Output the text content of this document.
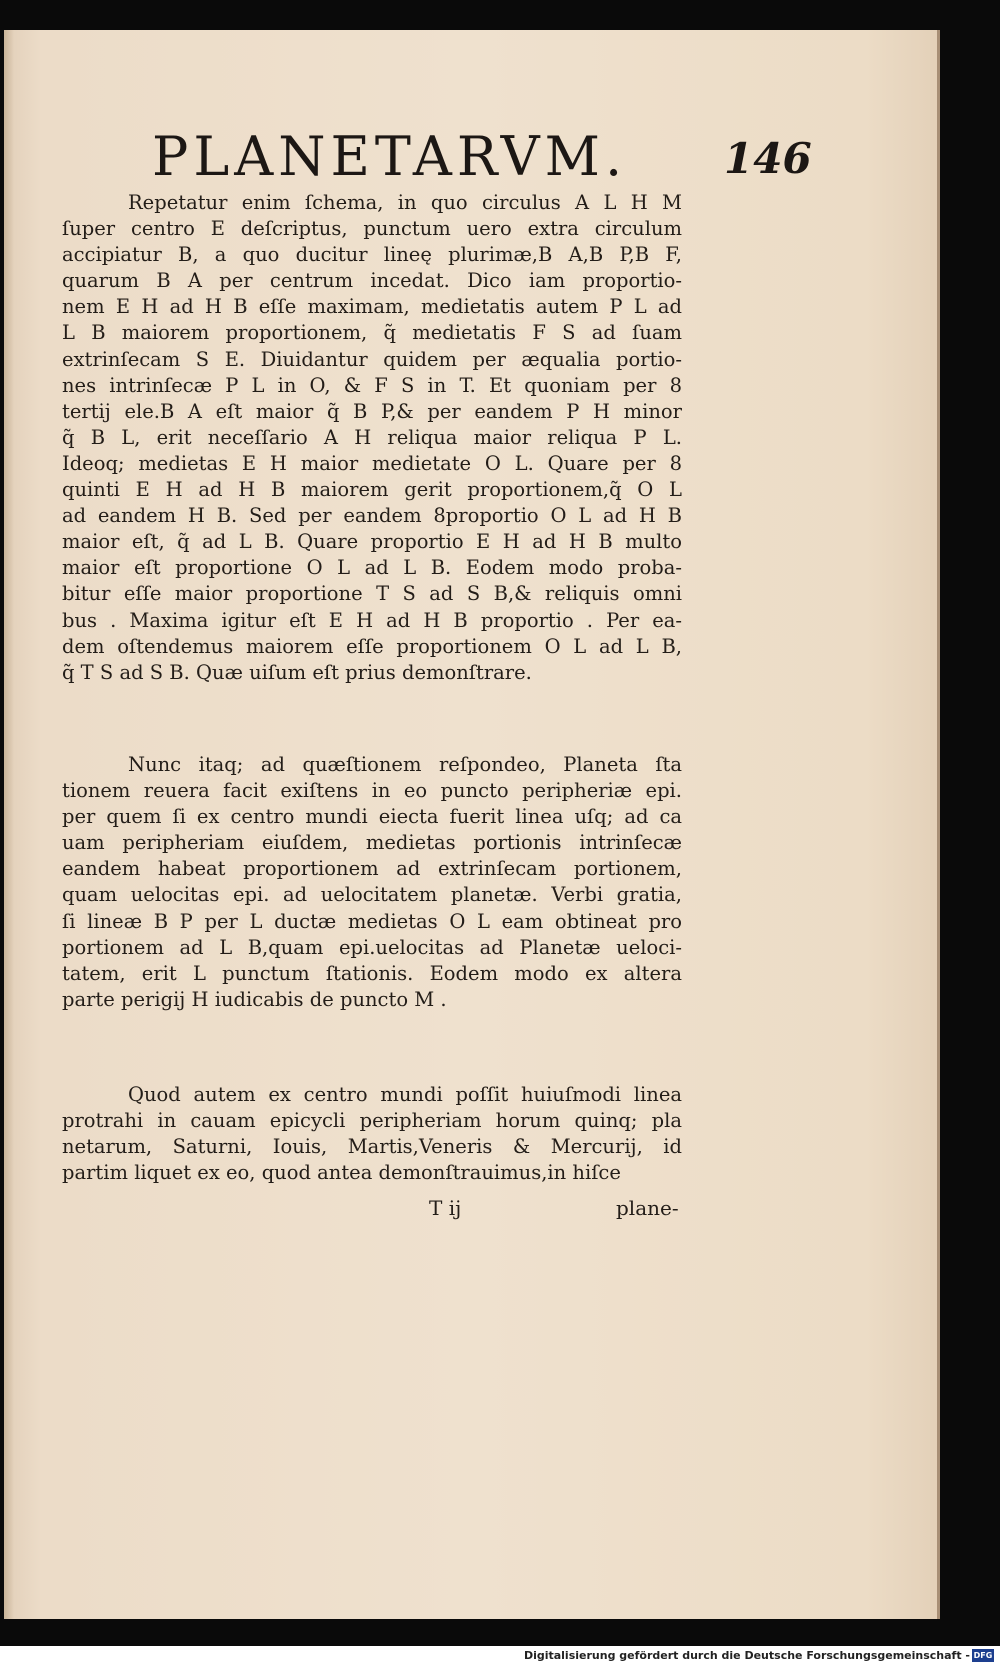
PLANETARVM. 146
Repetatur enim ſchema, in quo circulus A L H M
ſuper centro E deſcriptus, punctum uero extra circulum
accipiatur B, a quo ducitur lineę plurimæ,B A,B P,B F,
quarum B A per centrum incedat. Dico iam proportio-
nem E H ad H B eſſe maximam, medietatis autem P L ad
L B maiorem proportionem, q̃ medietatis F S ad ſuam
extrinſecam S E. Diuidantur quidem per æqualia portio-
nes intrinſecæ P L in O, & F S in T. Et quoniam per 8
tertij ele.B A eſt maior q̃ B P,& per eandem P H minor
q̃ B L, erit neceſſario A H reliqua maior reliqua P L.
Ideoq; medietas E H maior medietate O L. Quare per 8
quinti E H ad H B maiorem gerit proportionem,q̃ O L
ad eandem H B. Sed per eandem 8proportio O L ad H B
maior eſt, q̃ ad L B. Quare proportio E H ad H B multo
maior eſt proportione O L ad L B. Eodem modo proba-
bitur eſſe maior proportione T S ad S B,& reliquis omni
bus . Maxima igitur eſt E H ad H B proportio . Per ea-
dem oſtendemus maiorem eſſe proportionem O L ad L B,
q̃ T S ad S B. Quæ uiſum eſt prius demonſtrare.
Nunc itaq; ad quæſtionem reſpondeo, Planeta ſta
tionem reuera facit exiſtens in eo puncto peripheriæ epi.
per quem ſi ex centro mundi eiecta fuerit linea uſq; ad ca
uam peripheriam eiuſdem, medietas portionis intrinſecæ
eandem habeat proportionem ad extrinſecam portionem,
quam uelocitas epi. ad uelocitatem planetæ. Verbi gratia,
ſi lineæ B P per L ductæ medietas O L eam obtineat pro
portionem ad L B,quam epi.uelocitas ad Planetæ ueloci-
tatem, erit L punctum ſtationis. Eodem modo ex altera
parte perigij H iudicabis de puncto M .
Quod autem ex centro mundi poſſit huiuſmodi linea
protrahi in cauam epicycli peripheriam horum quinq; pla
netarum, Saturni, Iouis, Martis,Veneris & Mercurij, id
partim liquet ex eo, quod antea demonſtrauimus,in hiſce
T ij	plane-
Digitalisierung gefördert durch die Deutsche Forschungsgemeinschaft - DFG
